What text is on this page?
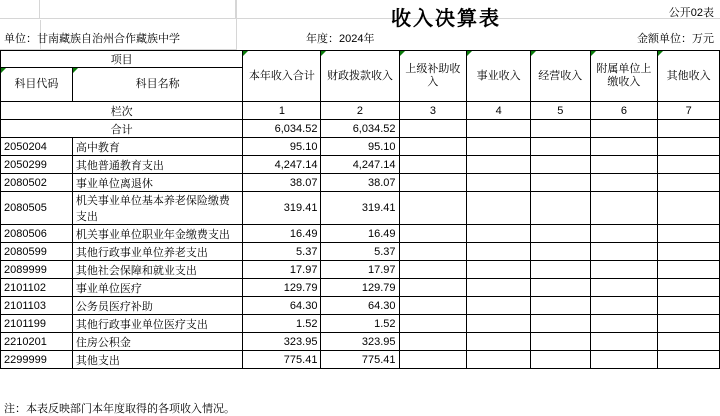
收入决算表	公开02表
单位：甘南藏族自治州合作藏族中学	年度：2024年	金额单位：万元
项目		本年收入合计	财政拨款收入	上级补助收入	事业收入	经营收入	附属单位上缴收入	其他收入
科目代码	科目名称							
栏次		1	2	3	4	5	6	7
合计		6,034.52	6,034.52					
2050204	高中教育	95.10	95.10					
2050299	其他普通教育支出	4,247.14	4,247.14					
2080502	事业单位离退休	38.07	38.07					
2080505	机关事业单位基本养老保险缴费支出	319.41	319.41					
2080506	机关事业单位职业年金缴费支出	16.49	16.49					
2080599	其他行政事业单位养老支出	5.37	5.37					
2089999	其他社会保障和就业支出	17.97	17.97					
2101102	事业单位医疗	129.79	129.79					
2101103	公务员医疗补助	64.30	64.30					
2101199	其他行政事业单位医疗支出	1.52	1.52					
2210201	住房公积金	323.95	323.95					
2299999	其他支出	775.41	775.41					
注：本表反映部门本年度取得的各项收入情况。
